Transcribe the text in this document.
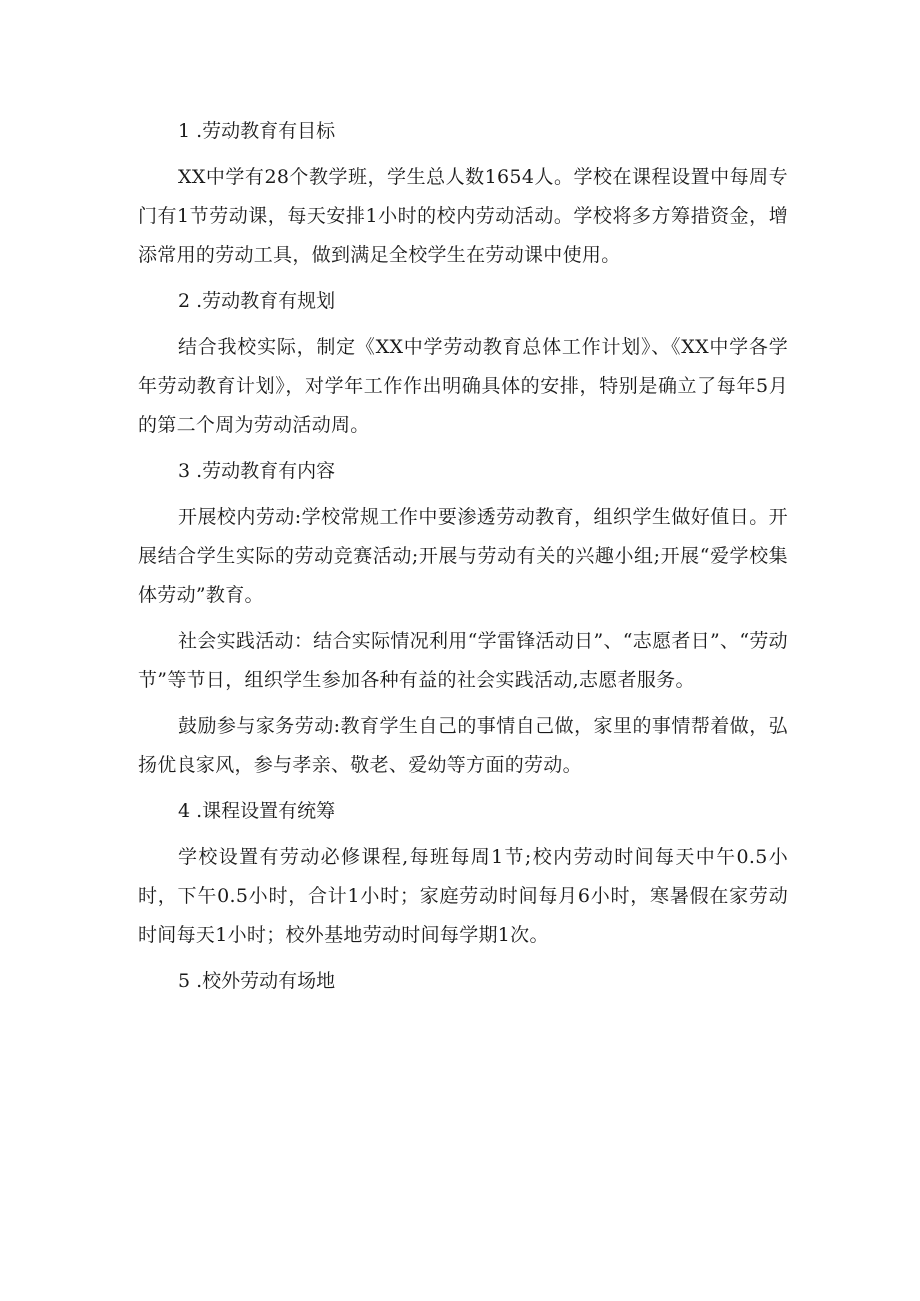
1 .劳动教育有目标

XX中学有28个教学班，学生总人数1654人。学校在课程设置中每周专门有1节劳动课，每天安排1小时的校内劳动活动。学校将多方筹措资金，增添常用的劳动工具，做到满足全校学生在劳动课中使用。

2 .劳动教育有规划

结合我校实际，制定《XX中学劳动教育总体工作计划》、《XX中学各学年劳动教育计划》，对学年工作作出明确具体的安排，特别是确立了每年5月的第二个周为劳动活动周。

3 .劳动教育有内容

开展校内劳动:学校常规工作中要渗透劳动教育，组织学生做好值日。开展结合学生实际的劳动竞赛活动;开展与劳动有关的兴趣小组;开展“爱学校集体劳动”教育。

社会实践活动：结合实际情况利用“学雷锋活动日”、“志愿者日”、“劳动节”等节日，组织学生参加各种有益的社会实践活动,志愿者服务。

鼓励参与家务劳动:教育学生自己的事情自己做，家里的事情帮着做，弘扬优良家风，参与孝亲、敬老、爱幼等方面的劳动。

4 .课程设置有统筹

学校设置有劳动必修课程,每班每周1节;校内劳动时间每天中午0.5小时，下午0.5小时，合计1小时；家庭劳动时间每月6小时，寒暑假在家劳动时间每天1小时；校外基地劳动时间每学期1次。

5 .校外劳动有场地
